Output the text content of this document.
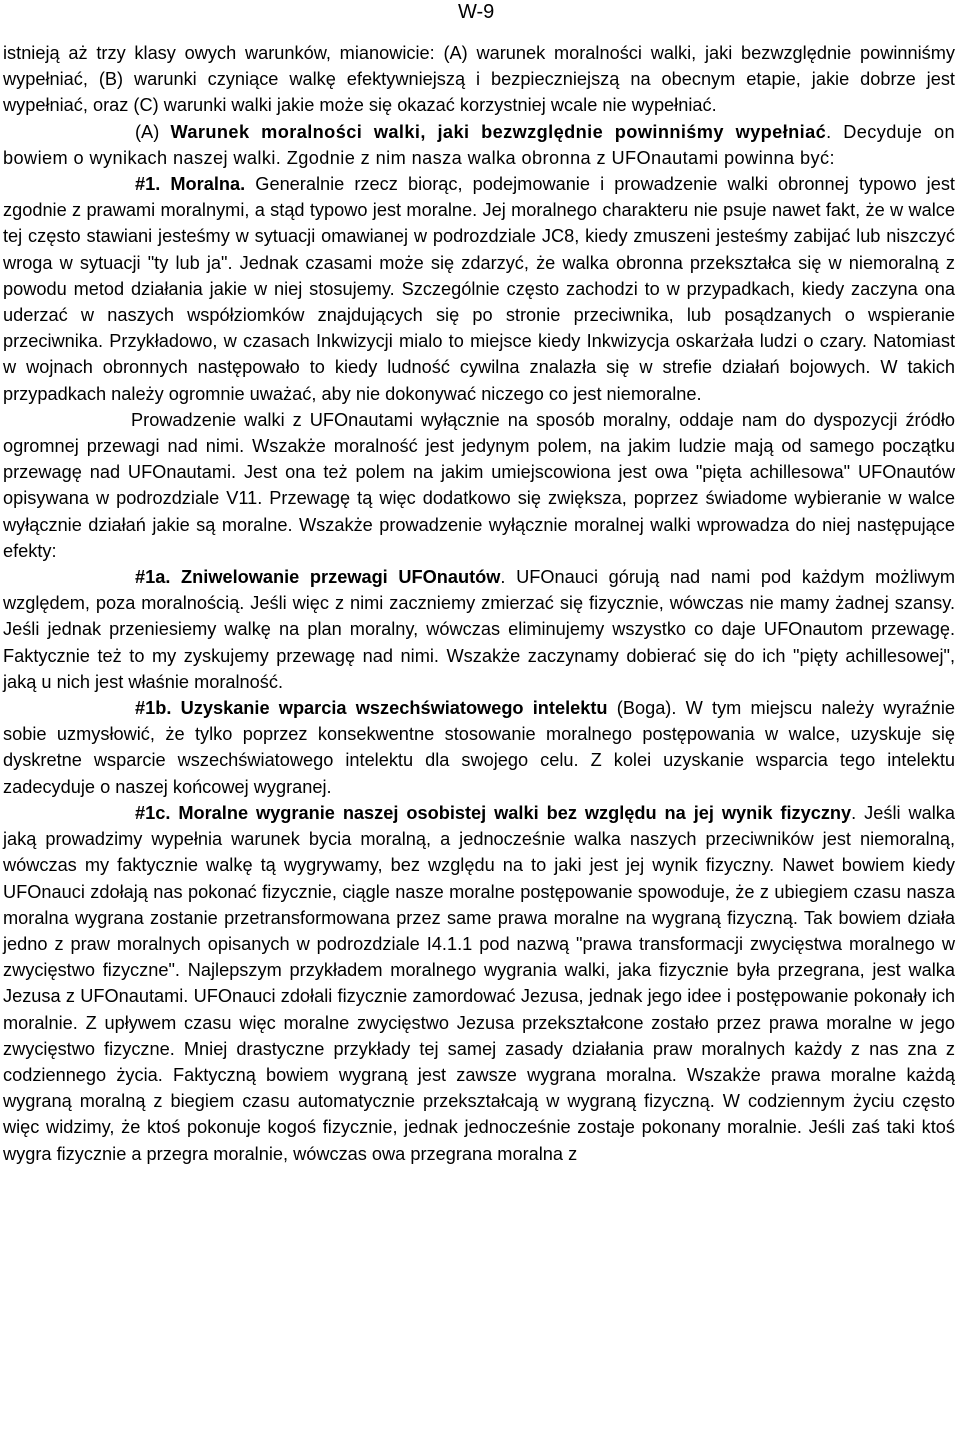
W-9

istnieją aż trzy klasy owych warunków, mianowicie: (A) warunek moralności walki, jaki bezwzględnie powinniśmy wypełniać, (B) warunki czyniące walkę efektywniejszą i bezpieczniejszą na obecnym etapie, jakie dobrze jest wypełniać, oraz (C) warunki walki jakie może się okazać korzystniej wcale nie wypełniać.

(A) Warunek moralności walki, jaki bezwzględnie powinniśmy wypełniać. Decyduje on bowiem o wynikach naszej walki. Zgodnie z nim nasza walka obronna z UFOnautami powinna być:

#1. Moralna. Generalnie rzecz biorąc, podejmowanie i prowadzenie walki obronnej typowo jest zgodnie z prawami moralnymi, a stąd typowo jest moralne. Jej moralnego charakteru nie psuje nawet fakt, że w walce tej często stawiani jesteśmy w sytuacji omawianej w podrozdziale JC8, kiedy zmuszeni jesteśmy zabijać lub niszczyć wroga w sytuacji "ty lub ja". Jednak czasami może się zdarzyć, że walka obronna przekształca się w niemoralną z powodu metod działania jakie w niej stosujemy. Szczególnie często zachodzi to w przypadkach, kiedy zaczyna ona uderzać w naszych współziomków znajdujących się po stronie przeciwnika, lub posądzanych o wspieranie przeciwnika. Przykładowo, w czasach Inkwizycji mialo to miejsce kiedy Inkwizycja oskarżała ludzi o czary. Natomiast w wojnach obronnych następowało to kiedy ludność cywilna znalazła się w strefie działań bojowych. W takich przypadkach należy ogromnie uważać, aby nie dokonywać niczego co jest niemoralne.

Prowadzenie walki z UFOnautami wyłącznie na sposób moralny, oddaje nam do dyspozycji źródło ogromnej przewagi nad nimi. Wszakże moralność jest jedynym polem, na jakim ludzie mają od samego początku przewagę nad UFOnautami. Jest ona też polem na jakim umiejscowiona jest owa "pięta achillesowa" UFOnautów opisywana w podrozdziale V11. Przewagę tą więc dodatkowo się zwiększa, poprzez świadome wybieranie w walce wyłącznie działań jakie są moralne. Wszakże prowadzenie wyłącznie moralnej walki wprowadza do niej następujące efekty:

#1a. Zniwelowanie przewagi UFOnautów. UFOnauci górują nad nami pod każdym możliwym względem, poza moralnością. Jeśli więc z nimi zaczniemy zmierzać się fizycznie, wówczas nie mamy żadnej szansy. Jeśli jednak przeniesiemy walkę na plan moralny, wówczas eliminujemy wszystko co daje UFOnautom przewagę. Faktycznie też to my zyskujemy przewagę nad nimi. Wszakże zaczynamy dobierać się do ich "pięty achillesowej", jaką u nich jest właśnie moralność.

#1b. Uzyskanie wparcia wszechświatowego intelektu (Boga). W tym miejscu należy wyraźnie sobie uzmysłowić, że tylko poprzez konsekwentne stosowanie moralnego postępowania w walce, uzyskuje się dyskretne wsparcie wszechświatowego intelektu dla swojego celu. Z kolei uzyskanie wsparcia tego intelektu zadecyduje o naszej końcowej wygranej.

#1c. Moralne wygranie naszej osobistej walki bez względu na jej wynik fizyczny. Jeśli walka jaką prowadzimy wypełnia warunek bycia moralną, a jednocześnie walka naszych przeciwników jest niemoralną, wówczas my faktycznie walkę tą wygrywamy, bez względu na to jaki jest jej wynik fizyczny. Nawet bowiem kiedy UFOnauci zdołają nas pokonać fizycznie, ciągle nasze moralne postępowanie spowoduje, że z ubiegiem czasu nasza moralna wygrana zostanie przetransformowana przez same prawa moralne na wygraną fizyczną. Tak bowiem działa jedno z praw moralnych opisanych w podrozdziale I4.1.1 pod nazwą "prawa transformacji zwycięstwa moralnego w zwycięstwo fizyczne". Najlepszym przykładem moralnego wygrania walki, jaka fizycznie była przegrana, jest walka Jezusa z UFOnautami. UFOnauci zdołali fizycznie zamordować Jezusa, jednak jego idee i postępowanie pokonały ich moralnie. Z upływem czasu więc moralne zwycięstwo Jezusa przekształcone zostało przez prawa moralne w jego zwycięstwo fizyczne. Mniej drastyczne przykłady tej samej zasady działania praw moralnych każdy z nas zna z codziennego życia. Faktyczną bowiem wygraną jest zawsze wygrana moralna. Wszakże prawa moralne każdą wygraną moralną z biegiem czasu automatycznie przekształcają w wygraną fizyczną. W codziennym życiu często więc widzimy, że ktoś pokonuje kogoś fizycznie, jednak jednocześnie zostaje pokonany moralnie. Jeśli zaś taki ktoś wygra fizycznie a przegra moralnie, wówczas owa przegrana moralna z
